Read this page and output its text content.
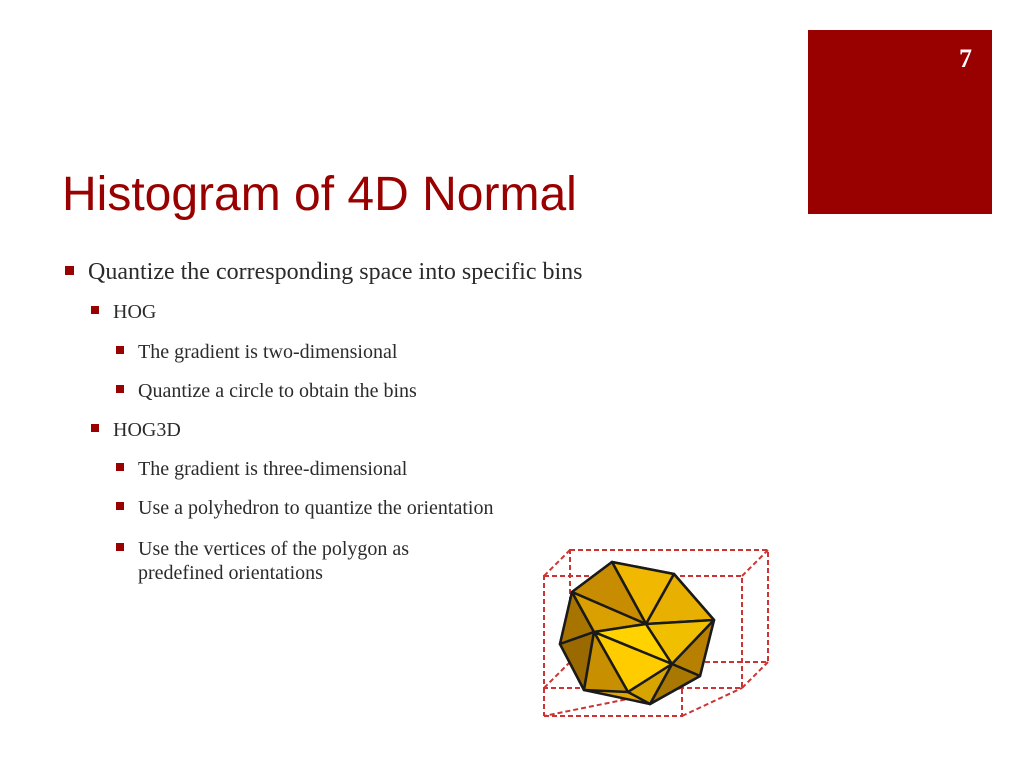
7
Histogram of 4D Normal
Quantize the corresponding space into specific bins
HOG
The gradient is two-dimensional
Quantize a circle to obtain the bins
HOG3D
The gradient is three-dimensional
Use a polyhedron to quantize the orientation
Use the vertices of the polygon as predefined orientations
